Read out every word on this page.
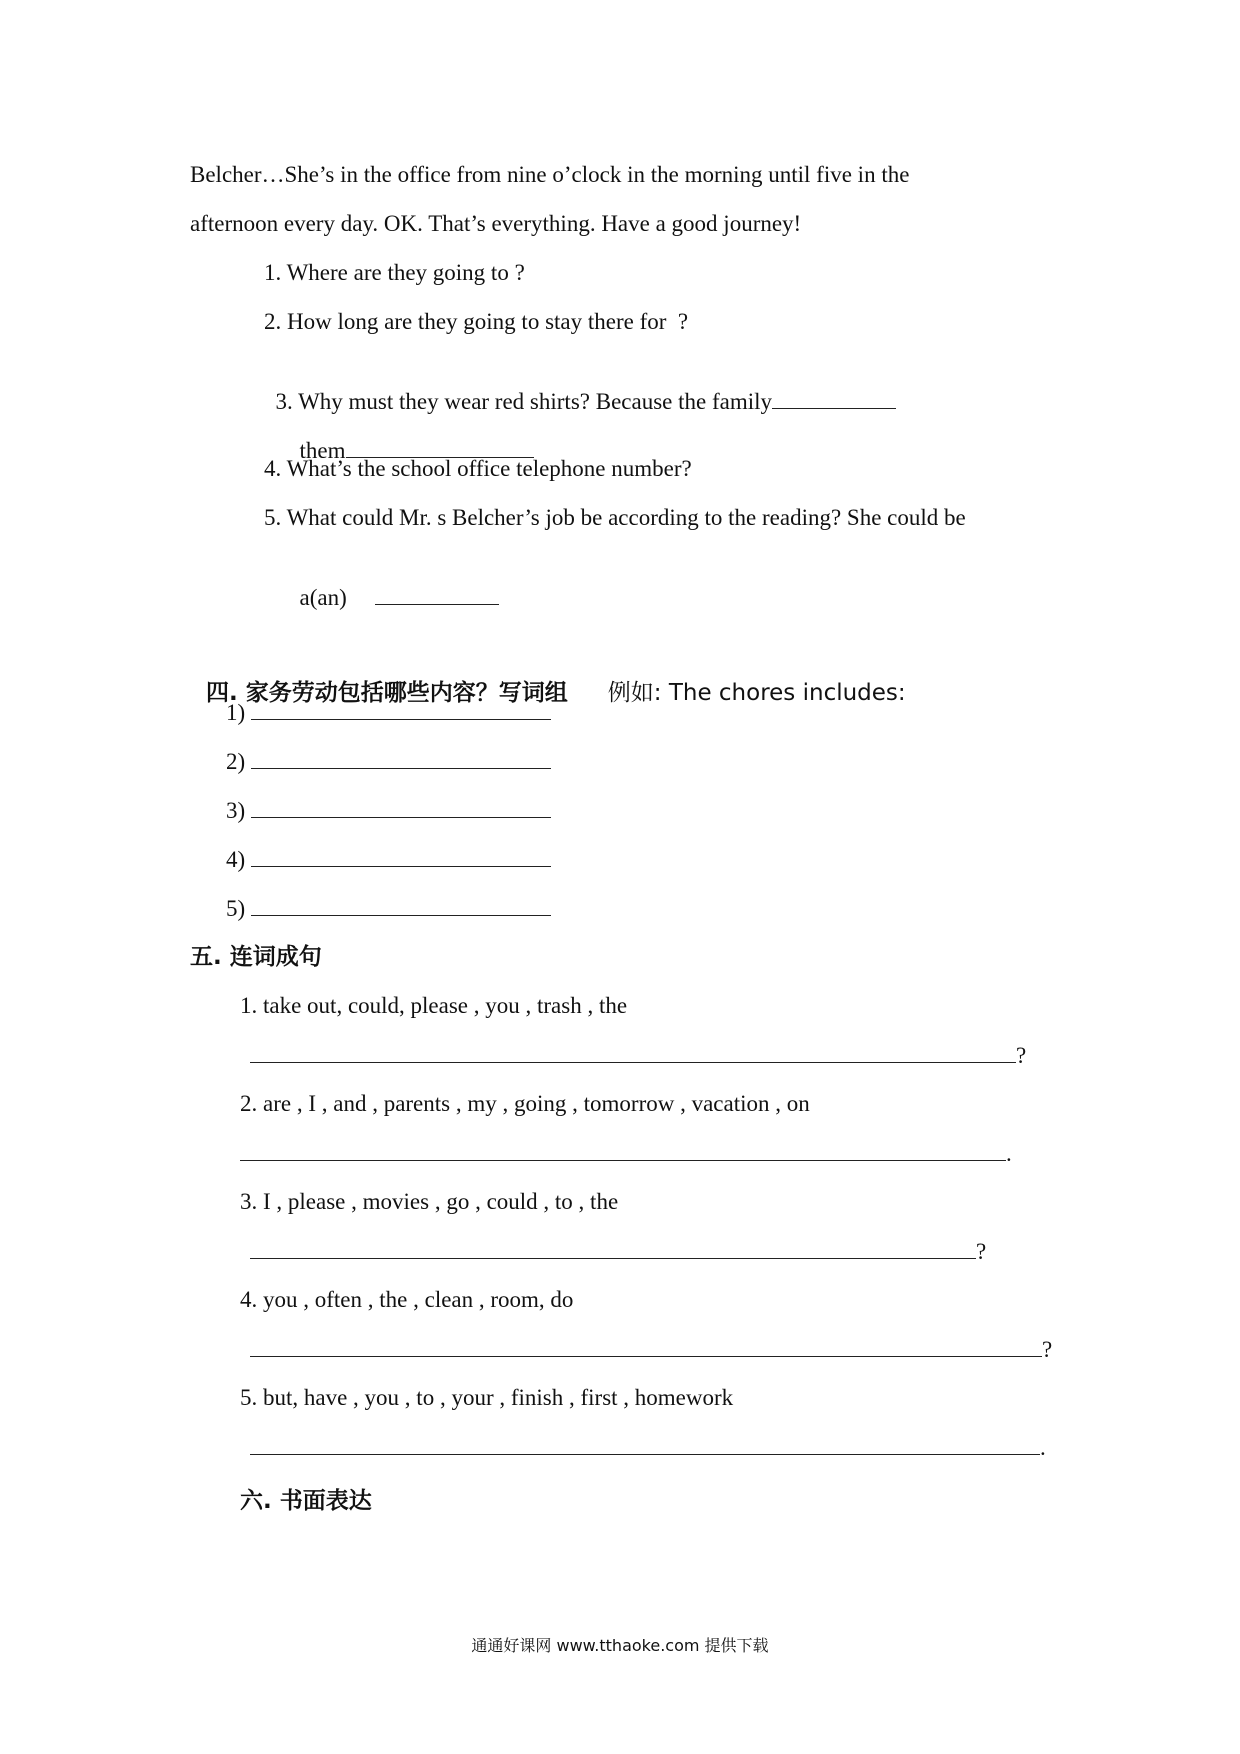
Belcher…She’s in the office from nine o’clock in the morning until five in the
afternoon every day. OK. That’s everything. Have a good journey!
1. Where are they going to ?
2. How long are they going to stay there for  ?

3. Why must they wear red shirts? Because the family

them

4. What’s the school office telephone number?
5. What could Mr. s Belcher’s job be according to the reading? She could be

a(an)

四. 家务劳动包括哪些内容？写词组 例如: The chores includes:

1)
2)
3)
4)
5)
五. 连词成句
1. take out, could, please , you , trash , the
?
2. are , I , and , parents , my , going , tomorrow , vacation , on
.
3. I , please , movies , go , could , to , the
?
4. you , often , the , clean , room, do
?
5. but, have , you , to , your , finish , first , homework
.
六. 书面表达
通通好课网 www.tthaoke.com 提供下载
